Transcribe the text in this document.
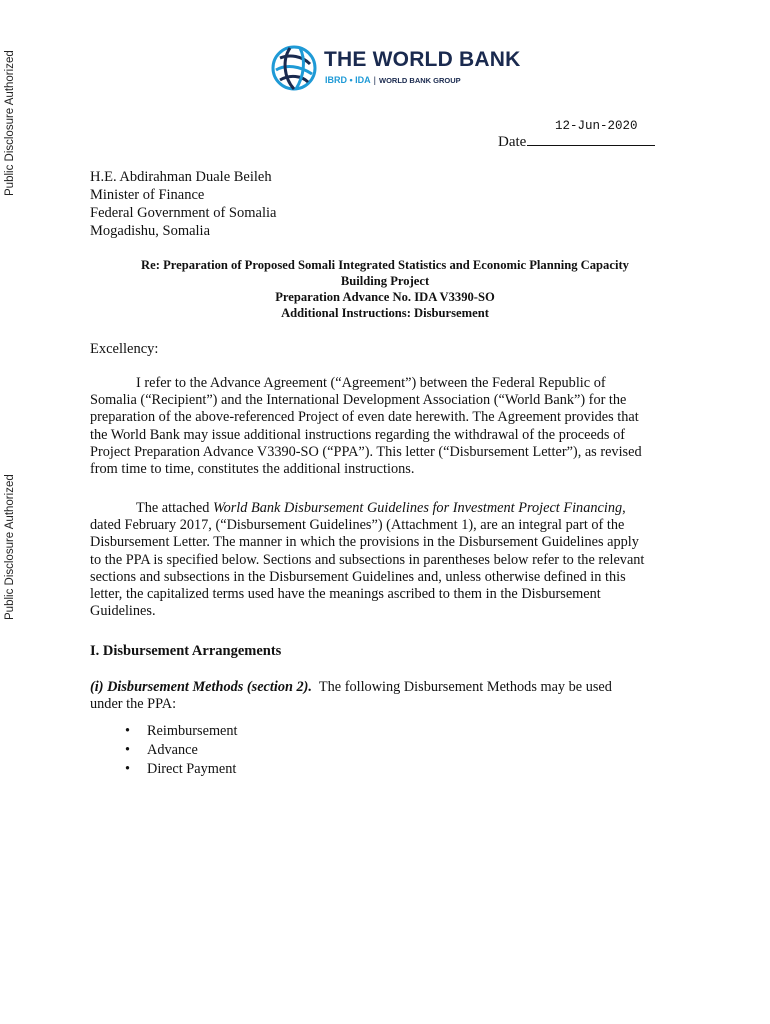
Public Disclosure Authorized
Public Disclosure Authorized
THE WORLD BANK
IBRD • IDA | WORLD BANK GROUP
12-Jun-2020
Date
H.E. Abdirahman Duale Beileh
Minister of Finance
Federal Government of Somalia
Mogadishu, Somalia
Re: Preparation of Proposed Somali Integrated Statistics and Economic Planning Capacity
Building Project
Preparation Advance No. IDA V3390-SO
Additional Instructions: Disbursement
Excellency:
I refer to the Advance Agreement (“Agreement”) between the Federal Republic of
Somalia (“Recipient”) and the International Development Association (“World Bank”) for the
preparation of the above-referenced Project of even date herewith. The Agreement provides that
the World Bank may issue additional instructions regarding the withdrawal of the proceeds of
Project Preparation Advance V3390-SO (“PPA”). This letter (“Disbursement Letter”), as revised
from time to time, constitutes the additional instructions.
The attached World Bank Disbursement Guidelines for Investment Project Financing,
dated February 2017, (“Disbursement Guidelines”) (Attachment 1), are an integral part of the
Disbursement Letter. The manner in which the provisions in the Disbursement Guidelines apply
to the PPA is specified below. Sections and subsections in parentheses below refer to the relevant
sections and subsections in the Disbursement Guidelines and, unless otherwise defined in this
letter, the capitalized terms used have the meanings ascribed to them in the Disbursement
Guidelines.
I. Disbursement Arrangements
(i) Disbursement Methods (section 2).  The following Disbursement Methods may be used
under the PPA:
• Reimbursement
• Advance
• Direct Payment
